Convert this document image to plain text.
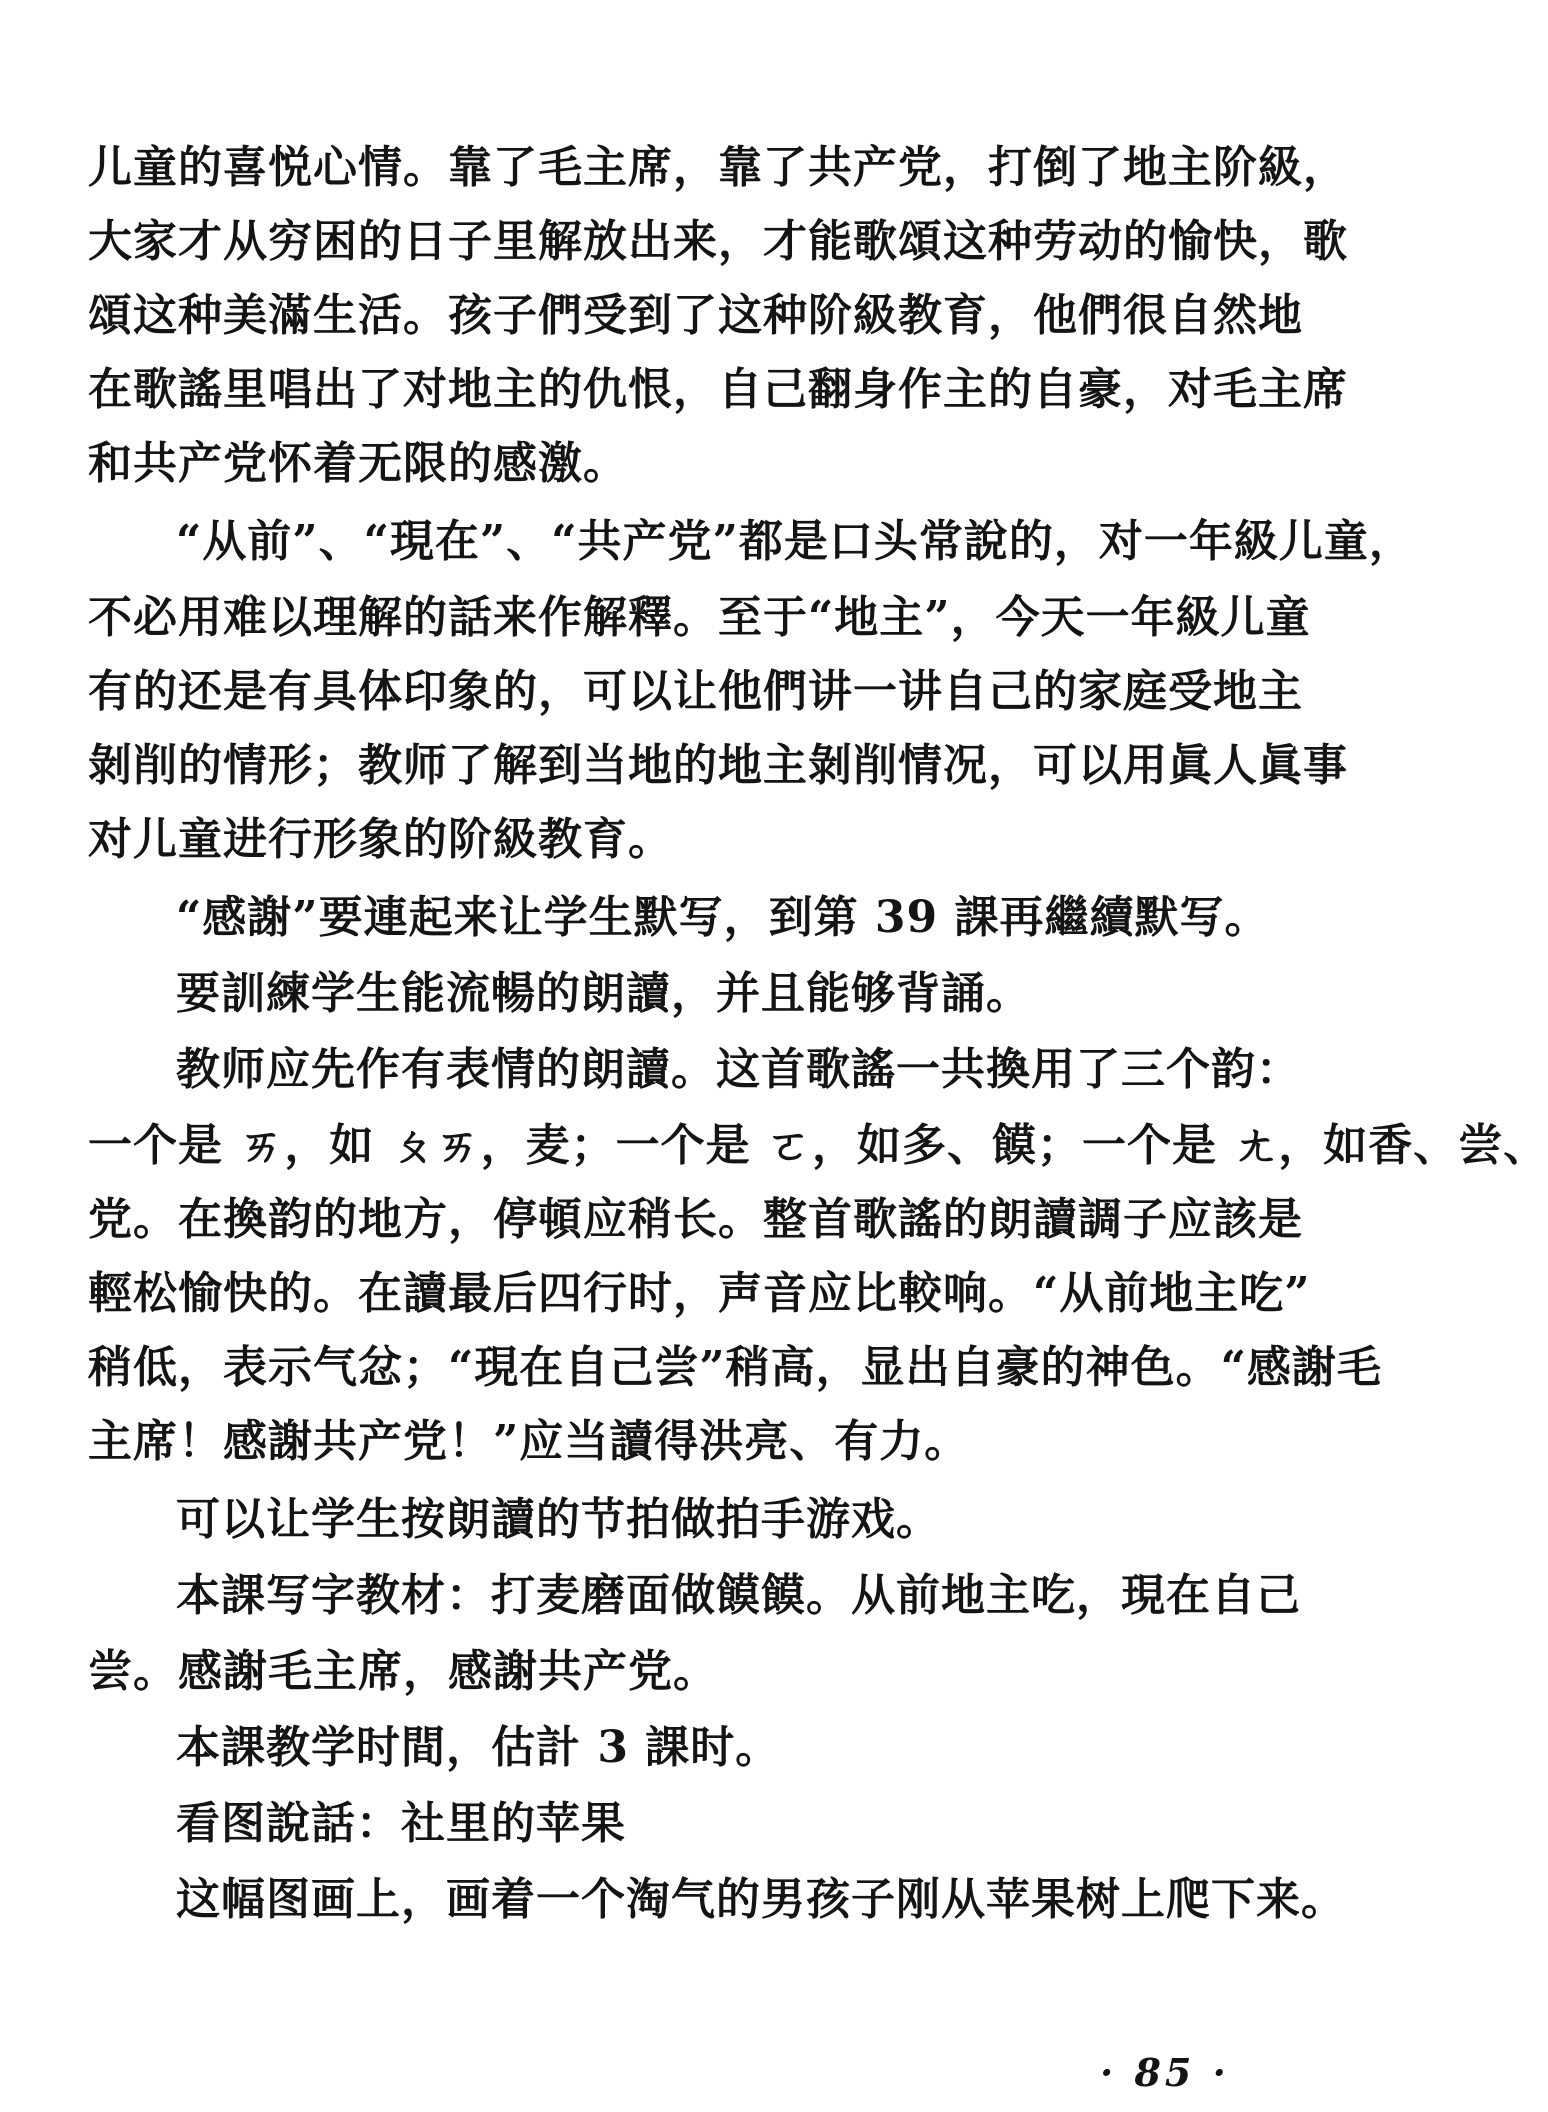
儿童的喜悦心情。靠了毛主席，靠了共产党，打倒了地主阶級，
大家才从穷困的日子里解放出来，才能歌頌这种劳动的愉快，歌
頌这种美滿生活。孩子們受到了这种阶級教育，他們很自然地
在歌謠里唱出了对地主的仇恨，自己翻身作主的自豪，对毛主席
和共产党怀着无限的感激。
“从前”、“現在”、“共产党”都是口头常說的，对一年級儿童，
不必用难以理解的話来作解釋。至于“地主”，今天一年級儿童
有的还是有具体印象的，可以让他們讲一讲自己的家庭受地主
剝削的情形；教师了解到当地的地主剝削情况，可以用眞人眞事
对儿童进行形象的阶級教育。
“感謝”要連起来让学生默写，到第 39 課再繼續默写。
要訓練学生能流暢的朗讀，并且能够背誦。
教师应先作有表情的朗讀。这首歌謠一共換用了三个韵：
一个是 ㄞ，如 ㄆㄞ，麦；一个是 ㄛ，如多、饃；一个是 ㄤ，如香、尝、
党。在換韵的地方，停頓应稍长。整首歌謠的朗讀調子应該是
輕松愉快的。在讀最后四行时，声音应比較响。“从前地主吃”
稍低，表示气忿；“現在自己尝”稍高，显出自豪的神色。“感謝毛
主席！感謝共产党！”应当讀得洪亮、有力。
可以让学生按朗讀的节拍做拍手游戏。
本課写字教材：打麦磨面做饃饃。从前地主吃，現在自己
尝。感謝毛主席，感謝共产党。
本課教学时間，估計 3 課时。
看图說話：社里的苹果
这幅图画上，画着一个淘气的男孩子刚从苹果树上爬下来。
· 85 ·
